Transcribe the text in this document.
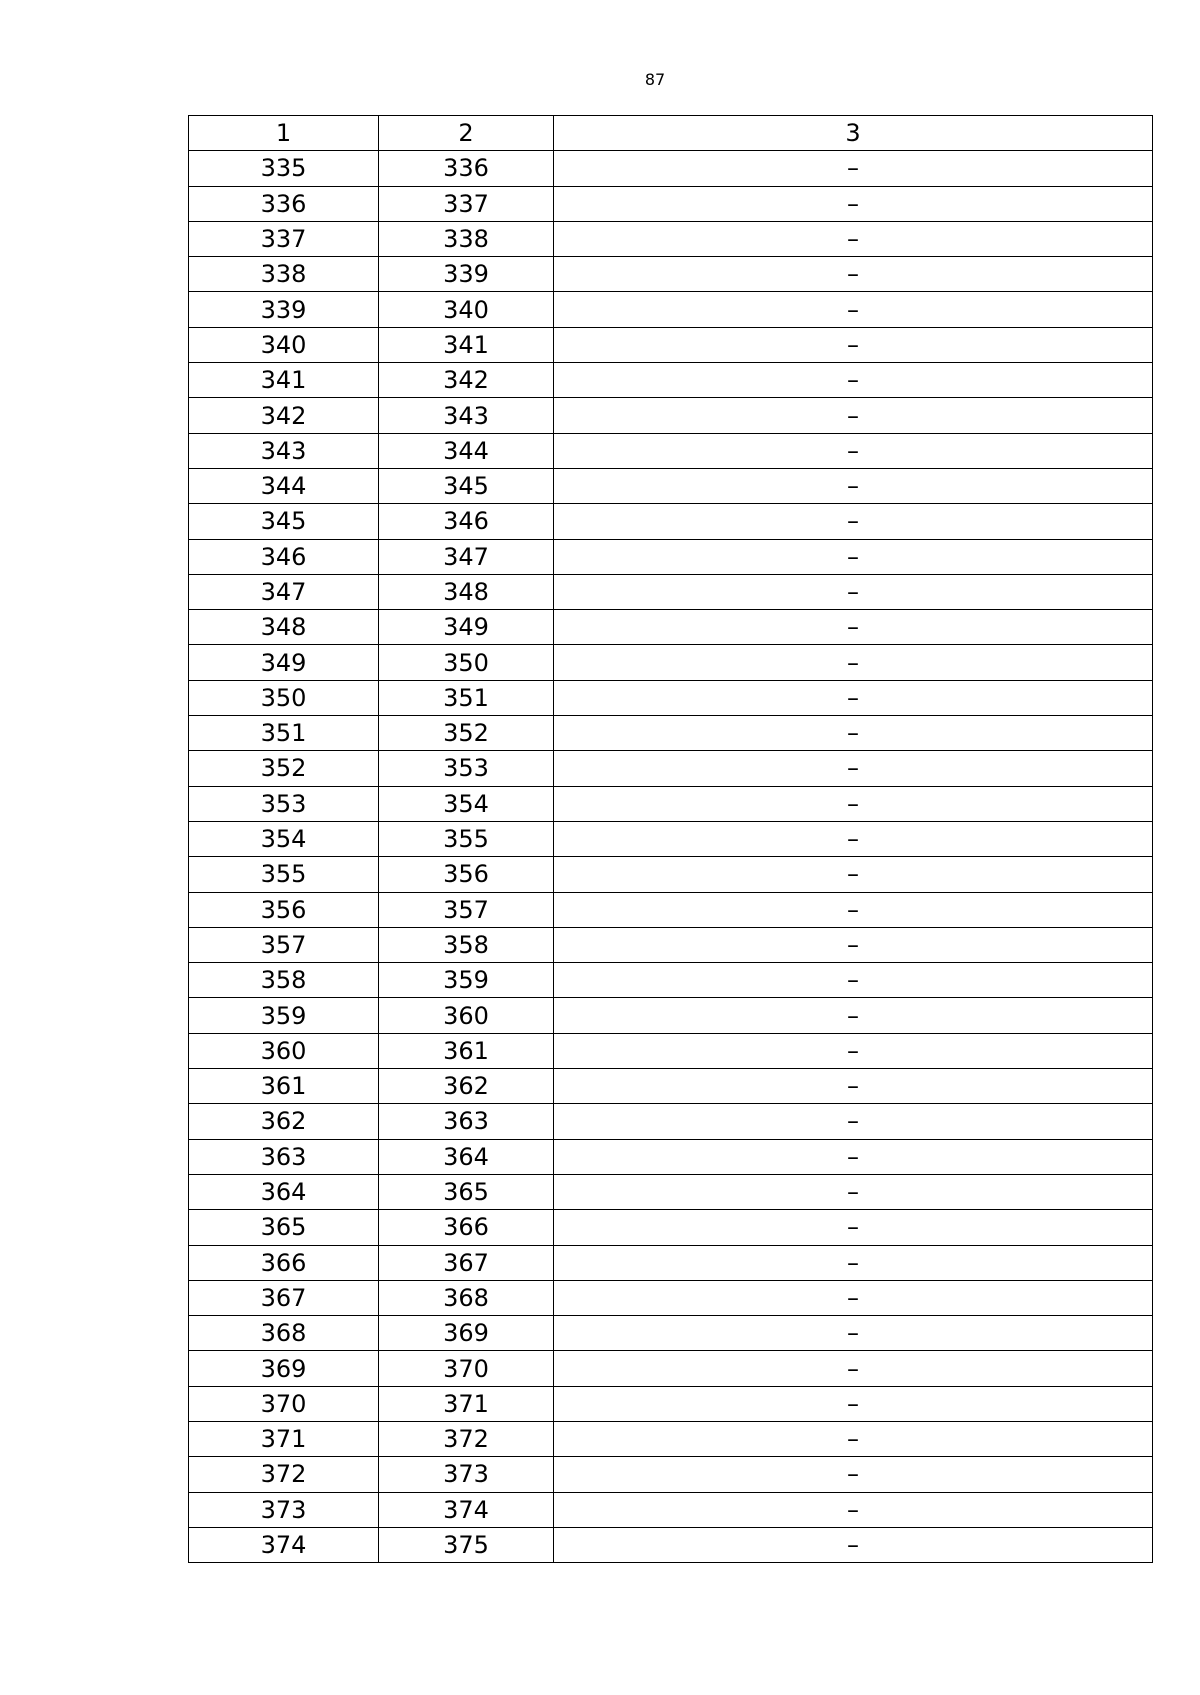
87
1	2	3
335	336	–
336	337	–
337	338	–
338	339	–
339	340	–
340	341	–
341	342	–
342	343	–
343	344	–
344	345	–
345	346	–
346	347	–
347	348	–
348	349	–
349	350	–
350	351	–
351	352	–
352	353	–
353	354	–
354	355	–
355	356	–
356	357	–
357	358	–
358	359	–
359	360	–
360	361	–
361	362	–
362	363	–
363	364	–
364	365	–
365	366	–
366	367	–
367	368	–
368	369	–
369	370	–
370	371	–
371	372	–
372	373	–
373	374	–
374	375	–
